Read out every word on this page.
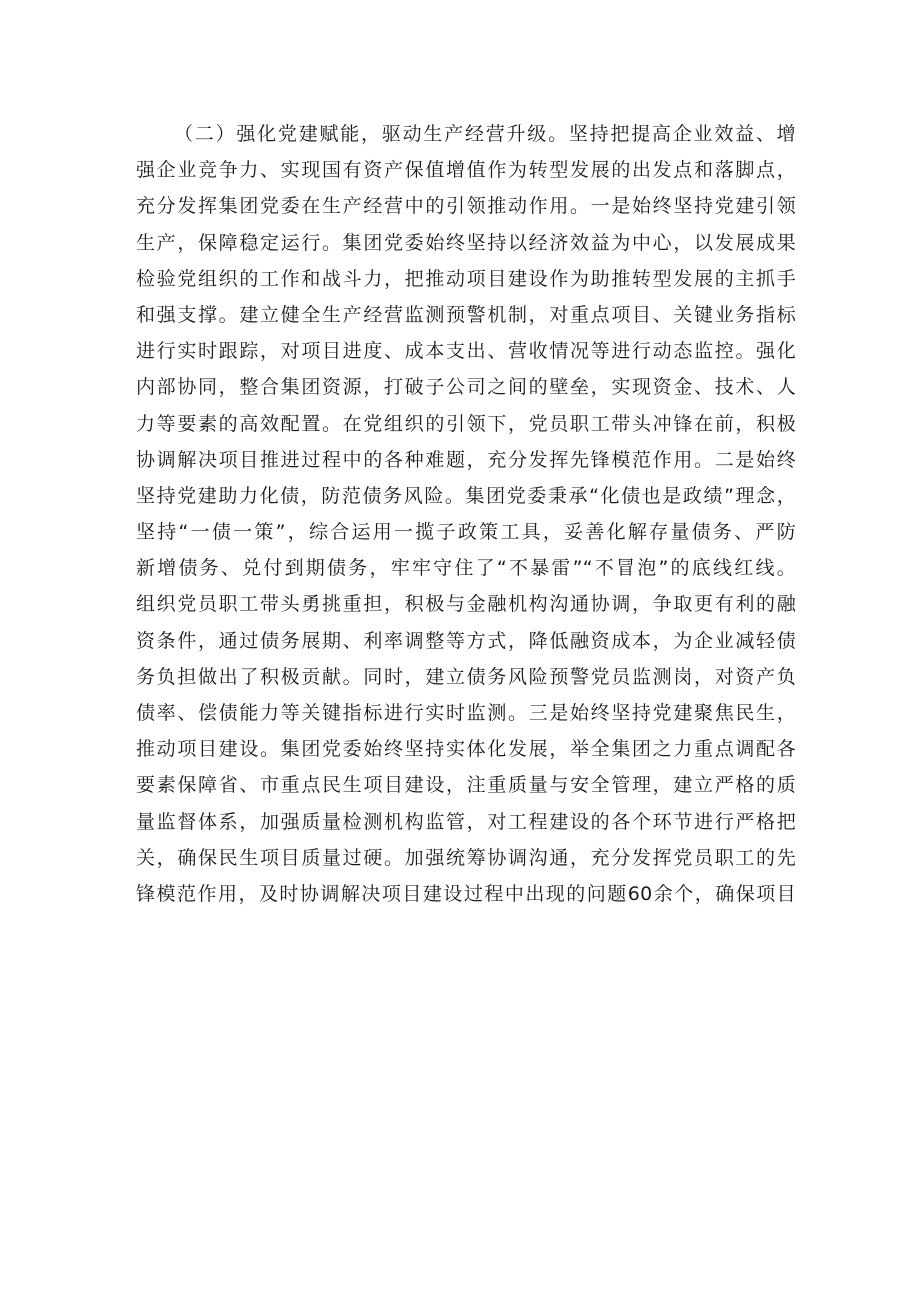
（二）强化党建赋能，驱动生产经营升级。坚持把提高企业效益、增
强企业竞争力、实现国有资产保值增值作为转型发展的出发点和落脚点，
充分发挥集团党委在生产经营中的引领推动作用。一是始终坚持党建引领
生产，保障稳定运行。集团党委始终坚持以经济效益为中心，以发展成果
检验党组织的工作和战斗力，把推动项目建设作为助推转型发展的主抓手
和强支撑。建立健全生产经营监测预警机制，对重点项目、关键业务指标
进行实时跟踪，对项目进度、成本支出、营收情况等进行动态监控。强化
内部协同，整合集团资源，打破子公司之间的壁垒，实现资金、技术、人
力等要素的高效配置。在党组织的引领下，党员职工带头冲锋在前，积极
协调解决项目推进过程中的各种难题，充分发挥先锋模范作用。二是始终
坚持党建助力化债，防范债务风险。集团党委秉承“化债也是政绩”理念，
坚持“一债一策”，综合运用一揽子政策工具，妥善化解存量债务、严防
新增债务、兑付到期债务，牢牢守住了“不暴雷”“不冒泡”的底线红线。
组织党员职工带头勇挑重担，积极与金融机构沟通协调，争取更有利的融
资条件，通过债务展期、利率调整等方式，降低融资成本，为企业减轻债
务负担做出了积极贡献。同时，建立债务风险预警党员监测岗，对资产负
债率、偿债能力等关键指标进行实时监测。三是始终坚持党建聚焦民生，
推动项目建设。集团党委始终坚持实体化发展，举全集团之力重点调配各
要素保障省、市重点民生项目建设，注重质量与安全管理，建立严格的质
量监督体系，加强质量检测机构监管，对工程建设的各个环节进行严格把
关，确保民生项目质量过硬。加强统筹协调沟通，充分发挥党员职工的先
锋模范作用，及时协调解决项目建设过程中出现的问题60余个，确保项目
